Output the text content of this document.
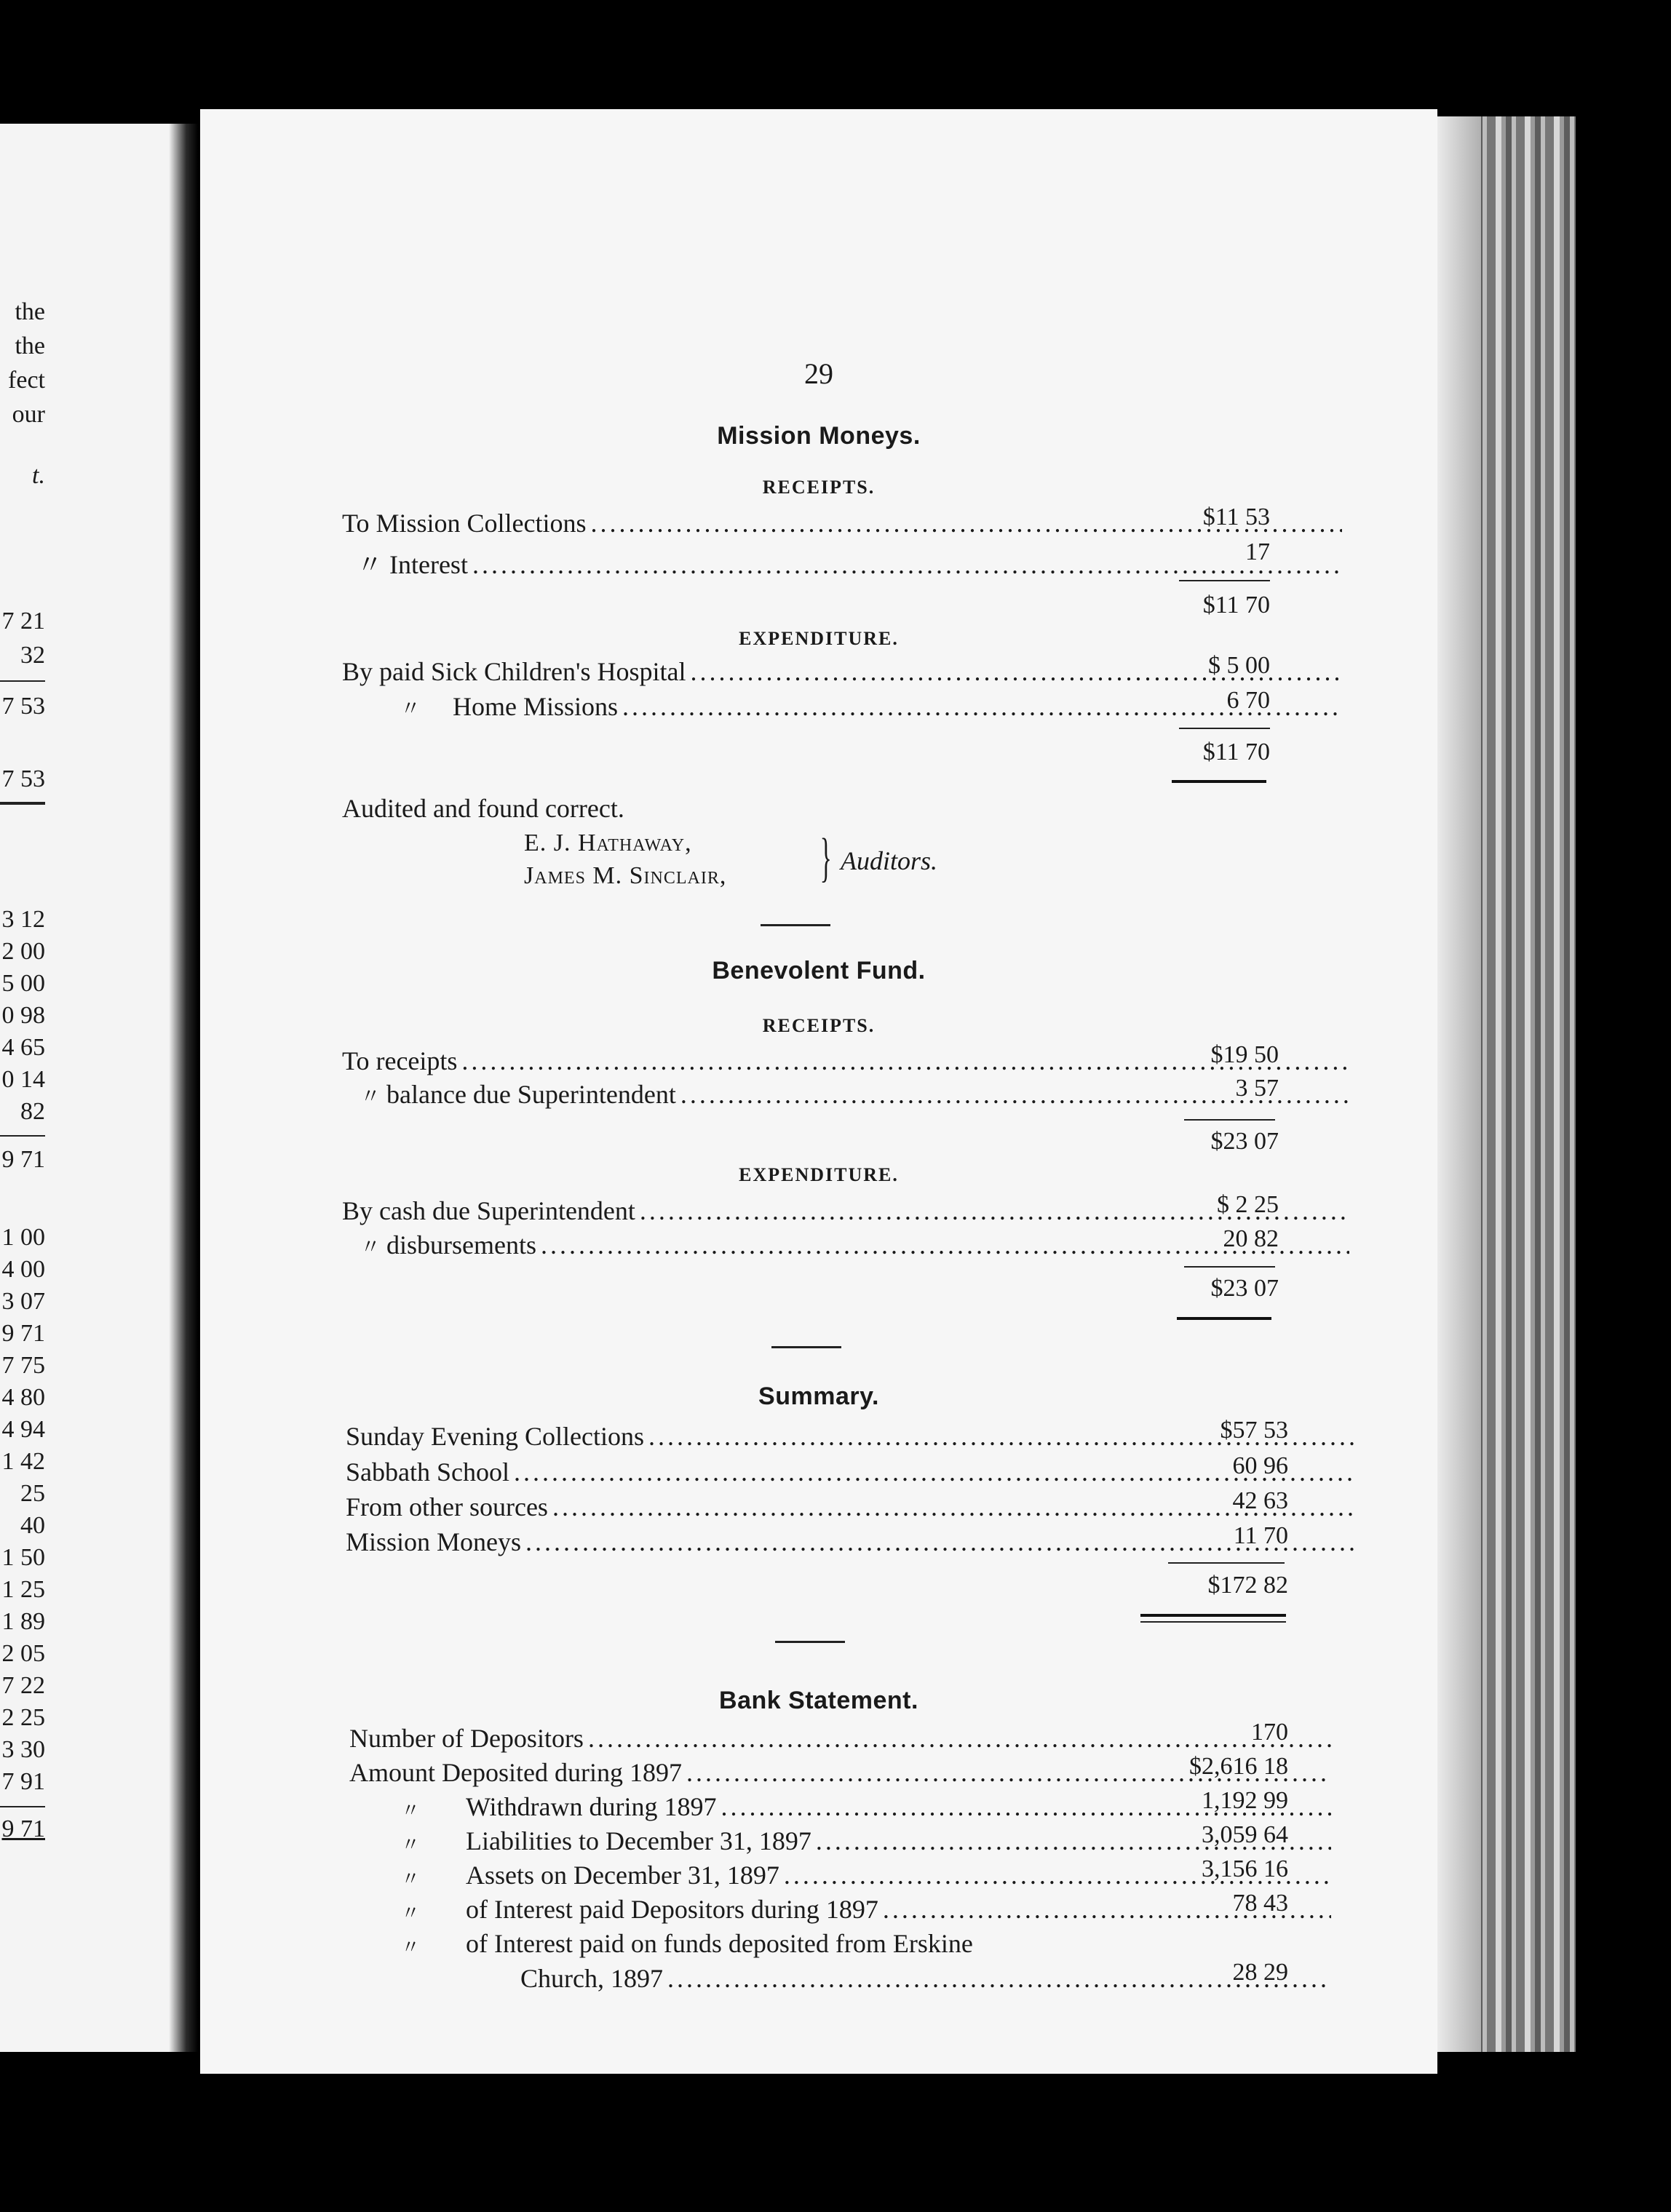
the
the
fect
our
t.
7 21
32
7 53
7 53
3 12
2 00
5 00
0 98
4 65
0 14
82
9 71
1 00
4 00
3 07
9 71
7 75
4 80
4 94
1 42
25
40
1 50
1 25
1 89
2 05
7 22
2 25
3 30
7 91
9 71
29
Mission Moneys.
RECEIPTS.
To Mission Collections .....	$11 53
〃 Interest .....	17
$11 70
EXPENDITURE.
By paid Sick Children's Hospital .....	$ 5 00
〃 Home Missions .....	6 70
$11 70
Audited and found correct.
E. J. Hathaway,
James M. Sinclair, } Auditors.
Benevolent Fund.
RECEIPTS.
To receipts .....	$19 50
〃 balance due Superintendent .....	3 57
$23 07
EXPENDITURE.
By cash due Superintendent .....	$ 2 25
〃 disbursements .....	20 82
$23 07
Summary.
Sunday Evening Collections .....	$57 53
Sabbath School .....	60 96
From other sources .....	42 63
Mission Moneys .....	11 70
$172 82
Bank Statement.
Number of Depositors .....	170
Amount Deposited during 1897 .....	$2,616 18
〃 Withdrawn during 1897 .....	1,192 99
〃 Liabilities to December 31, 1897 .....	3,059 64
〃 Assets on December 31, 1897 .....	3,156 16
〃 of Interest paid Depositors during 1897 .....	78 43
〃 of Interest paid on funds deposited from Erskine
Church, 1897 .....	28 29
